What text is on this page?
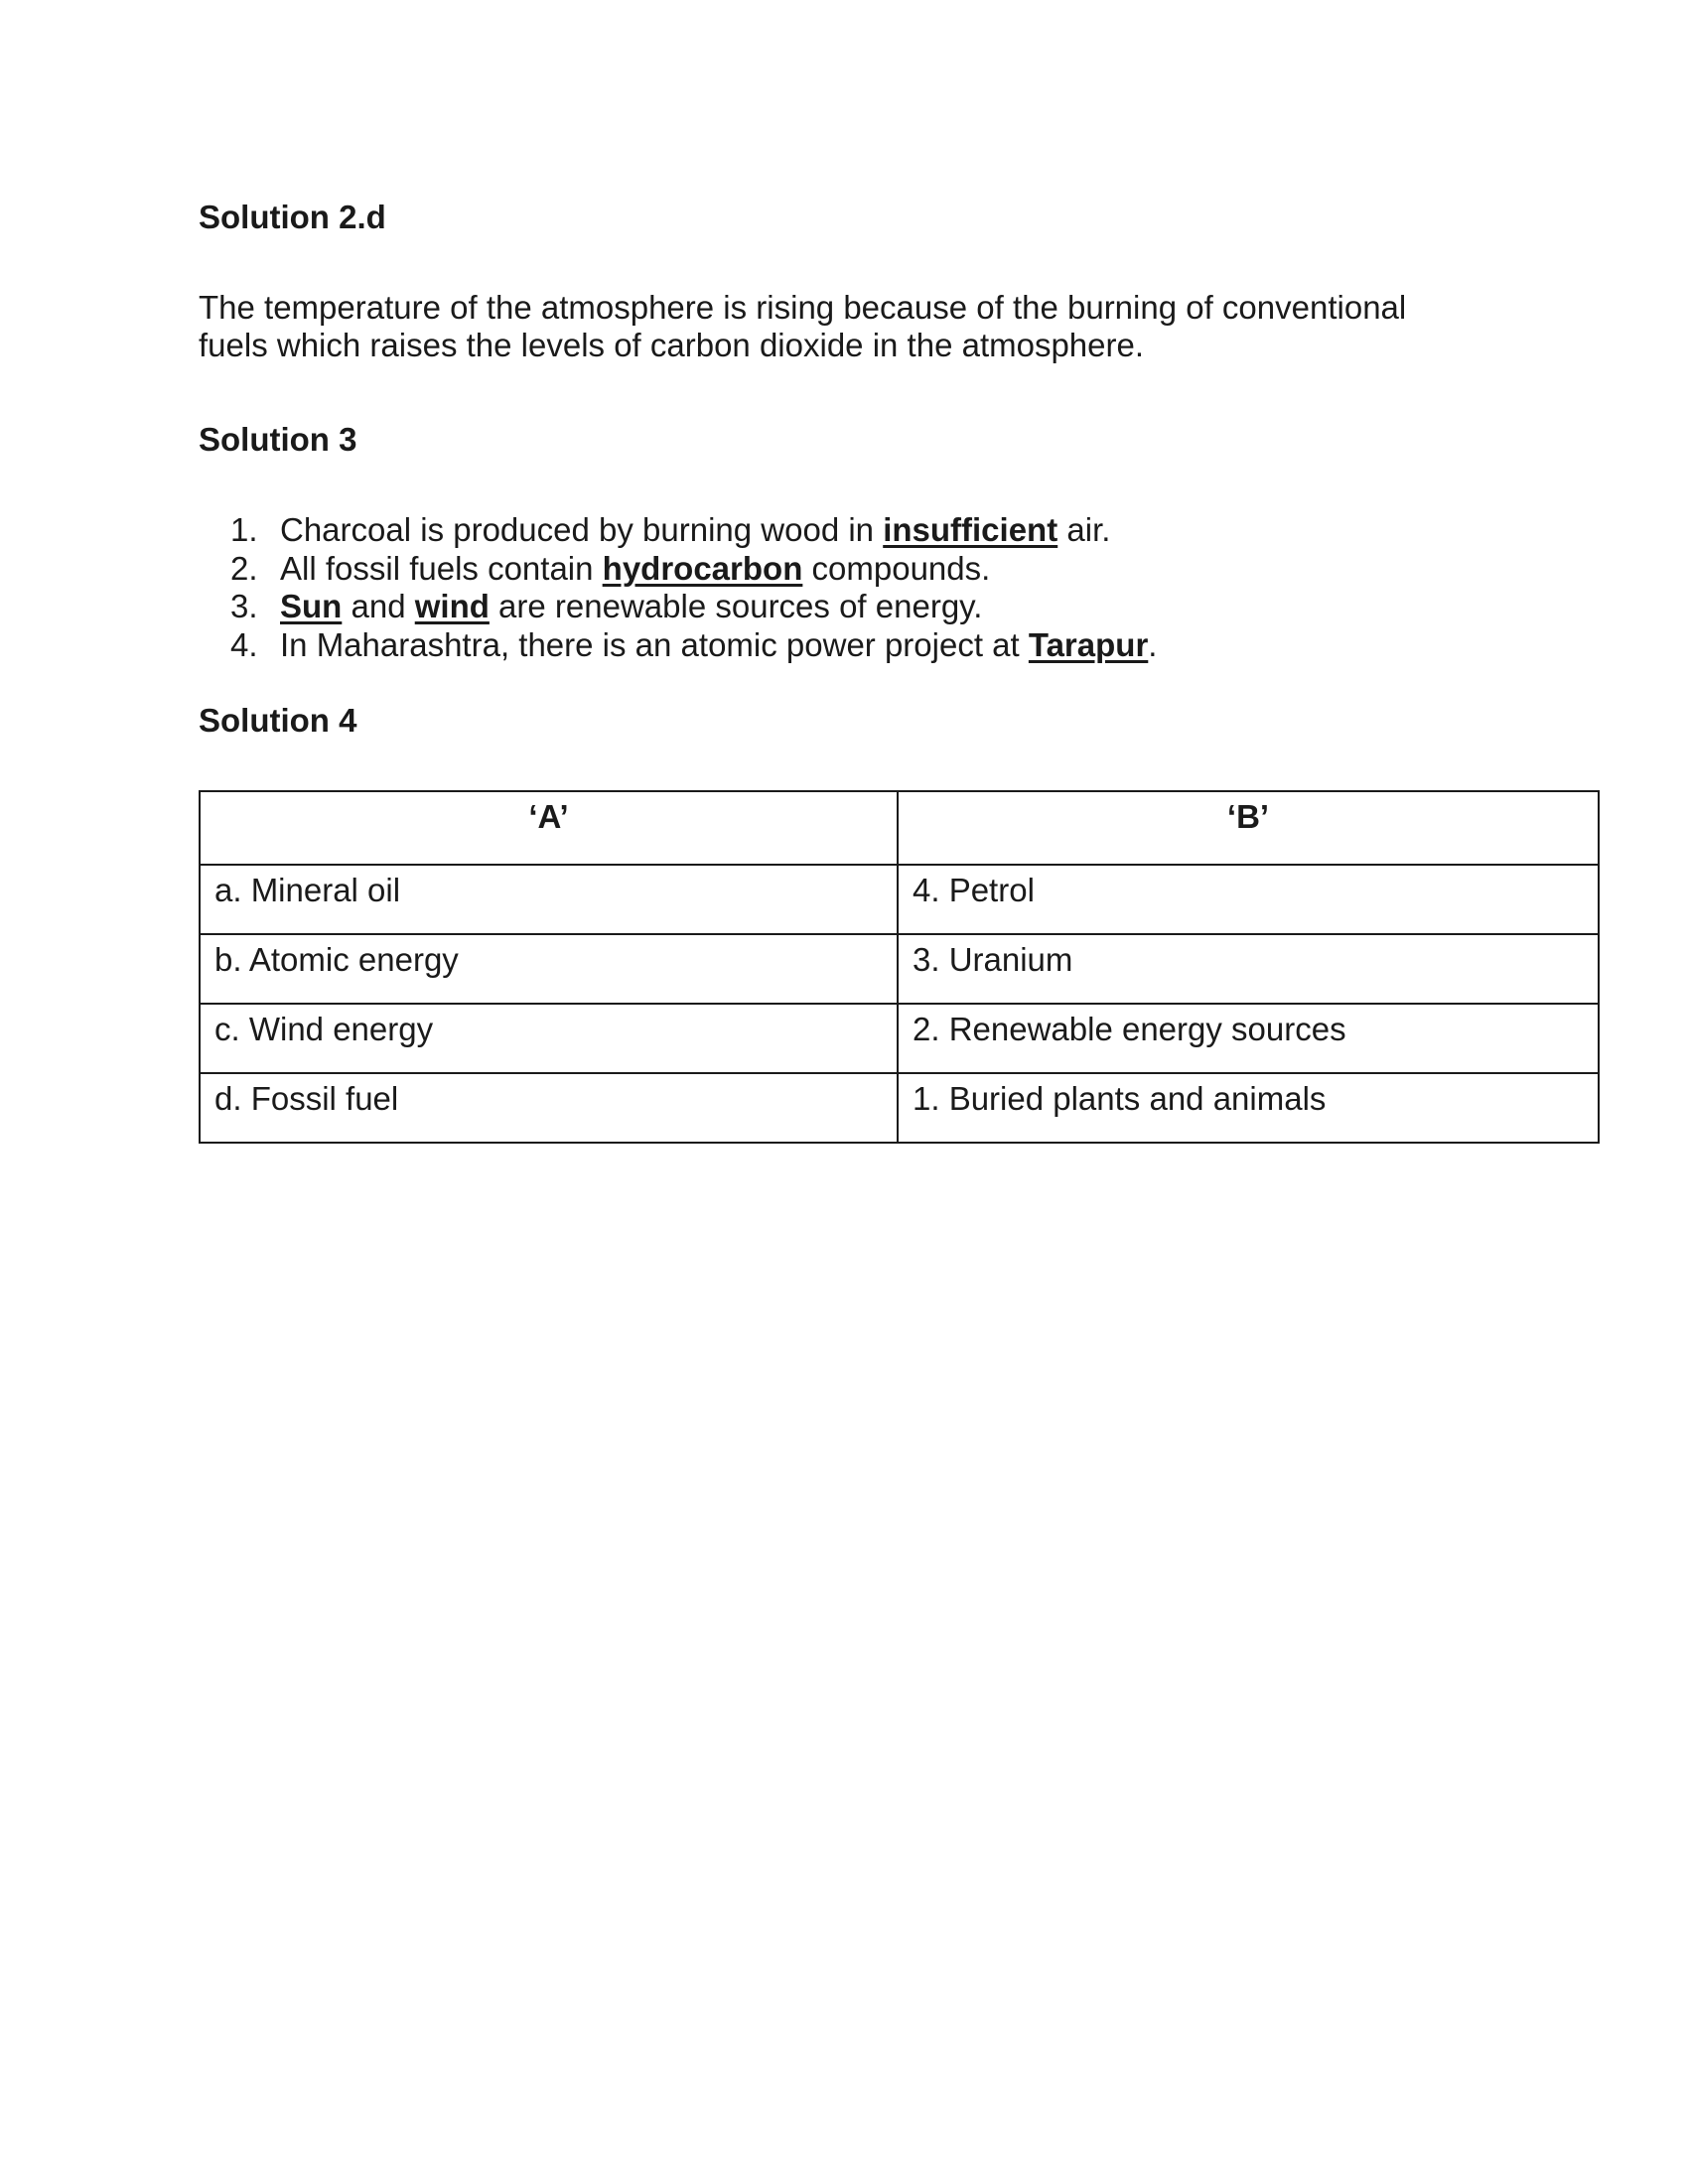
Solution 2.d

The temperature of the atmosphere is rising because of the burning of conventional
fuels which raises the levels of carbon dioxide in the atmosphere.

Solution 3
1. Charcoal is produced by burning wood in insufficient air.
2. All fossil fuels contain hydrocarbon compounds.
3. Sun and wind are renewable sources of energy.
4. In Maharashtra, there is an atomic power project at Tarapur.
Solution 4
‘A’	‘B’
a. Mineral oil	4. Petrol
b. Atomic energy	3. Uranium
c. Wind energy	2. Renewable energy sources
d. Fossil fuel	1. Buried plants and animals
